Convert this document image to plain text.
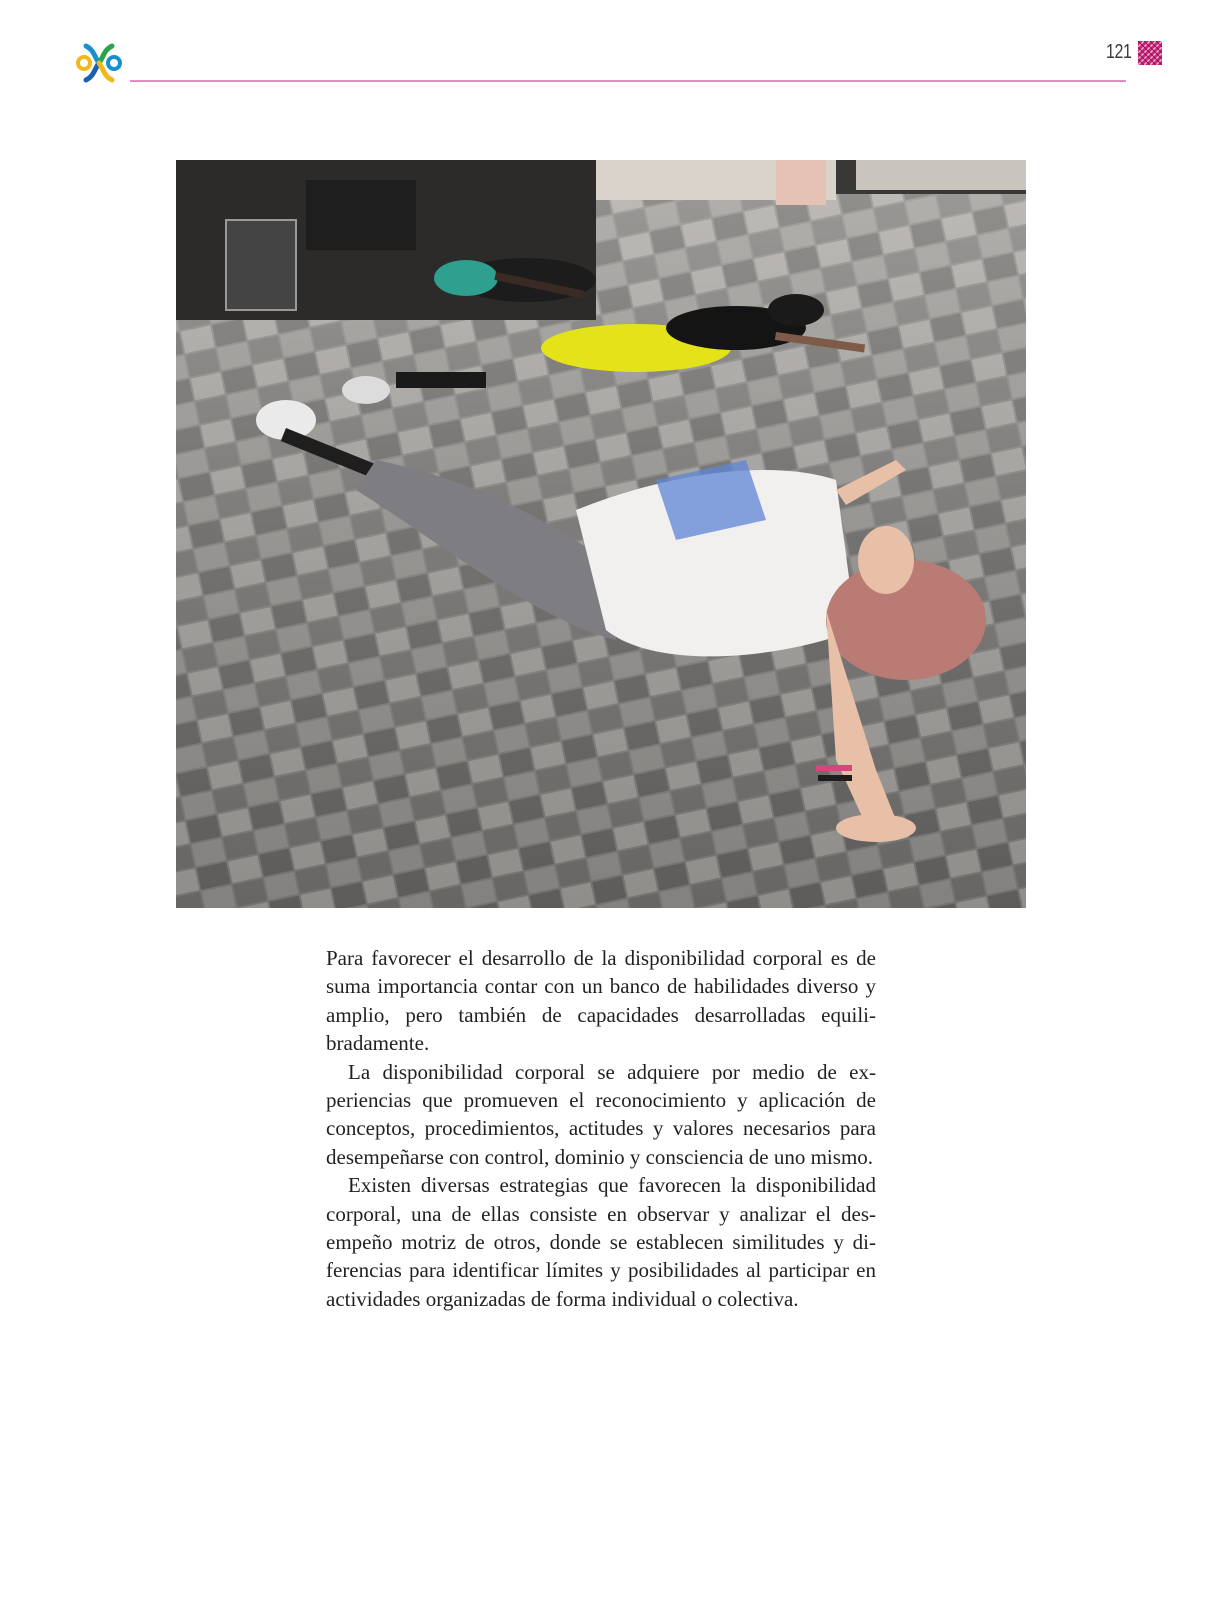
121

Para favorecer el desarrollo de la disponibilidad corporal es de suma importancia contar con un banco de habilidades diverso y amplio, pero también de capacidades desarrolladas equilibradamente.

La disponibilidad corporal se adquiere por medio de experiencias que promueven el reconocimiento y aplicación de conceptos, procedimientos, actitudes y valores necesarios para desempeñarse con control, dominio y consciencia de uno mismo.

Existen diversas estrategias que favorecen la disponibilidad corporal, una de ellas consiste en observar y analizar el desempeño motriz de otros, donde se establecen similitudes y diferencias para identificar límites y posibilidades al participar en actividades organizadas de forma individual o colectiva.
